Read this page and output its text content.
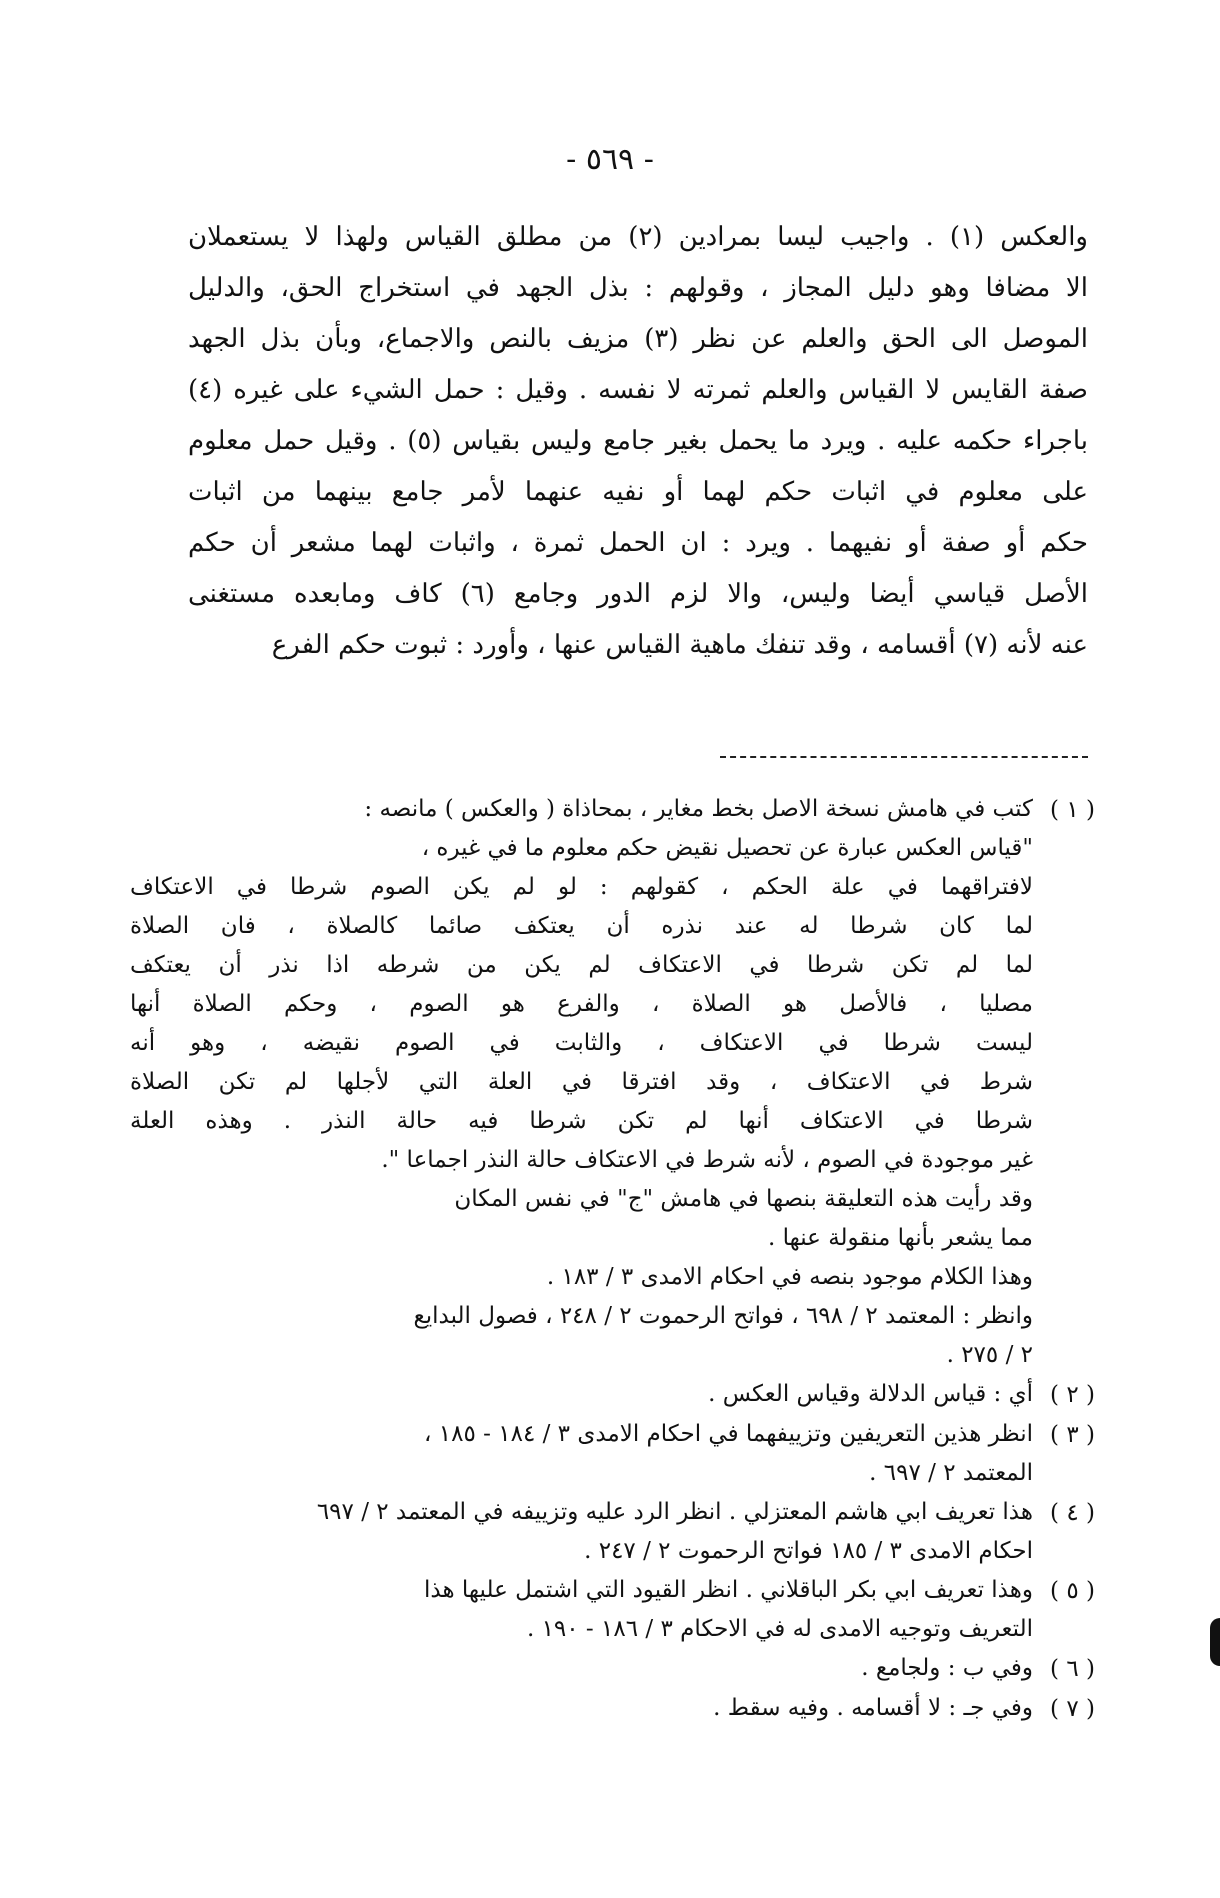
- ٥٦٩ -
والعكس (١) . واجيب ليسا بمرادين (٢) من مطلق القياس ولهذا لا يستعملان
الا مضافا وهو دليل المجاز ، وقولهم : بذل الجهد في استخراج الحق، والدليل
الموصل الى الحق والعلم عن نظر (٣) مزيف بالنص والاجماع، وبأن بذل الجهد
صفة القايس لا القياس والعلم ثمرته لا نفسه . وقيل : حمل الشيء على غيره (٤)
باجراء حكمه عليه . ويرد ما يحمل بغير جامع وليس بقياس (٥) . وقيل حمل معلوم
على معلوم في اثبات حكم لهما أو نفيه عنهما لأمر جامع بينهما من اثبات
حكم أو صفة أو نفيهما . ويرد : ان الحمل ثمرة ، واثبات لهما مشعر أن حكم
الأصل قياسي أيضا وليس، والا لزم الدور وجامع (٦) كاف ومابعده مستغنى
عنه لأنه (٧) أقسامه ، وقد تنفك ماهية القياس عنها ، وأورد : ثبوت حكم الفرع
( ١ )
كتب في هامش نسخة الاصل بخط مغاير ، بمحاذاة ( والعكس ) مانصه :
"قياس العكس عبارة عن تحصيل نقيض حكم معلوم ما في غيره ،
لافتراقهما في علة الحكم ، كقولهم : لو لم يكن الصوم شرطا في الاعتكاف
لما كان شرطا له عند نذره أن يعتكف صائما كالصلاة ، فان الصلاة
لما لم تكن شرطا في الاعتكاف لم يكن من شرطه اذا نذر أن يعتكف
مصليا ، فالأصل هو الصلاة ، والفرع هو الصوم ، وحكم الصلاة أنها
ليست شرطا في الاعتكاف ، والثابت في الصوم نقيضه ، وهو أنه
شرط في الاعتكاف ، وقد افترقا في العلة التي لأجلها لم تكن الصلاة
شرطا في الاعتكاف أنها لم تكن شرطا فيه حالة النذر . وهذه العلة
غير موجودة في الصوم ، لأنه شرط في الاعتكاف حالة النذر اجماعا ".
وقد رأيت هذه التعليقة بنصها في هامش "ج" في نفس المكان
مما يشعر بأنها منقولة عنها .
وهذا الكلام موجود بنصه في احكام الامدى ٣ / ١٨٣ .
وانظر : المعتمد ٢ / ٦٩٨ ، فواتح الرحموت ٢ / ٢٤٨ ، فصول البدايع
٢ / ٢٧٥ .
( ٢ )
أي : قياس الدلالة وقياس العكس .
( ٣ )
انظر هذين التعريفين وتزييفهما في احكام الامدى ٣ / ١٨٤ - ١٨٥ ،
المعتمد ٢ / ٦٩٧ .
( ٤ )
هذا تعريف ابي هاشم المعتزلي . انظر الرد عليه وتزييفه في المعتمد ٢ / ٦٩٧
احكام الامدى ٣ / ١٨٥ فواتح الرحموت ٢ / ٢٤٧ .
( ٥ )
وهذا تعريف ابي بكر الباقلاني . انظر القيود التي اشتمل عليها هذا
التعريف وتوجيه الامدى له في الاحكام ٣ / ١٨٦ - ١٩٠ .
( ٦ )
وفي ب : ولجامع .
( ٧ )
وفي جـ : لا أقسامه . وفيه سقط .
